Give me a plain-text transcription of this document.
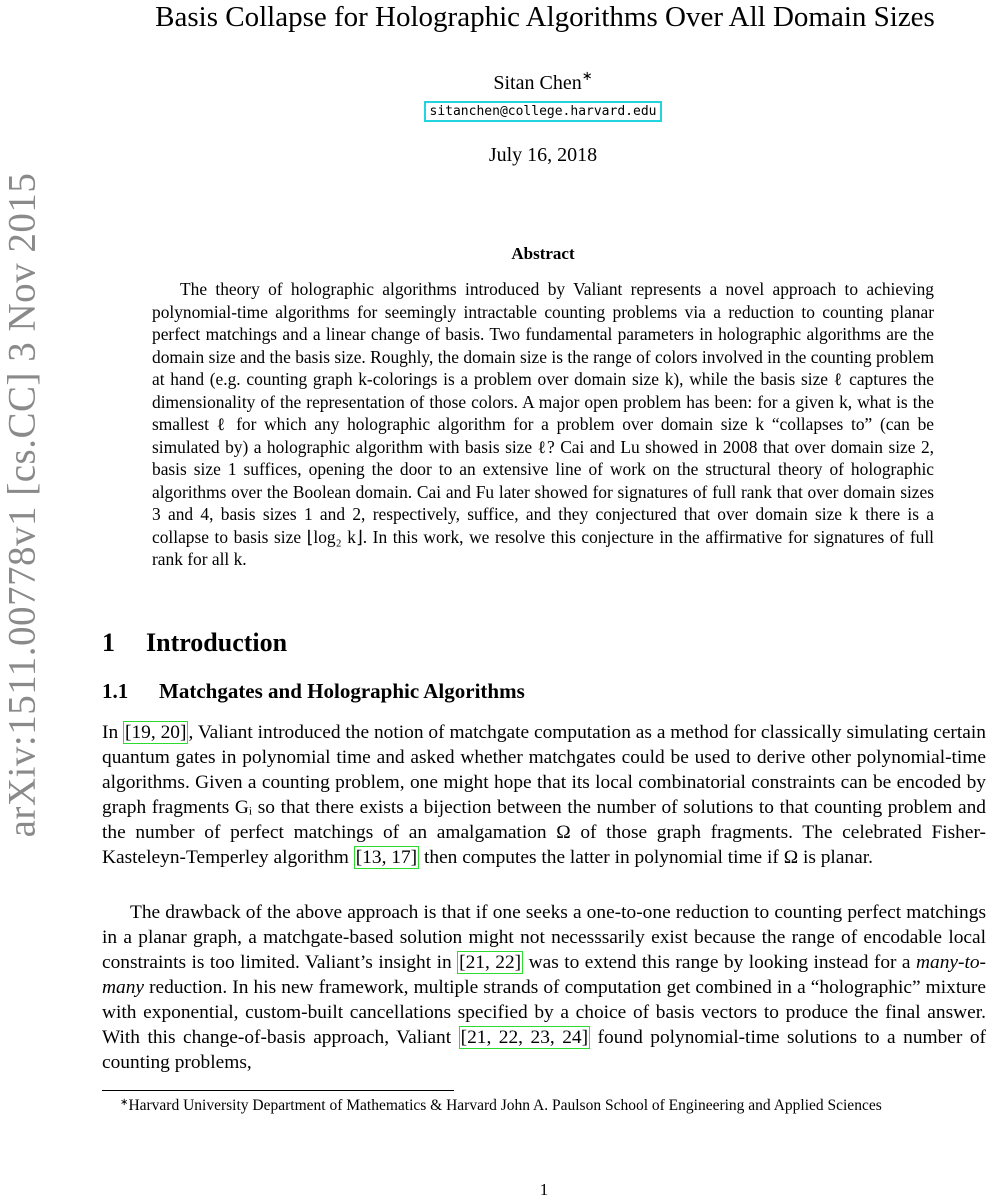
arXiv:1511.00778v1 [cs.CC] 3 Nov 2015
Basis Collapse for Holographic Algorithms Over All Domain Sizes
Sitan Chen∗
sitanchen@college.harvard.edu
July 16, 2018
Abstract

The theory of holographic algorithms introduced by Valiant represents a novel approach to achieving polynomial-time algorithms for seemingly intractable counting problems via a reduction to counting planar perfect matchings and a linear change of basis. Two fundamental parameters in holographic algorithms are the domain size and the basis size. Roughly, the domain size is the range of colors involved in the counting problem at hand (e.g. counting graph k-colorings is a problem over domain size k), while the basis size ℓ captures the dimensionality of the representation of those colors. A major open problem has been: for a given k, what is the smallest ℓ for which any holographic algorithm for a problem over domain size k “collapses to” (can be simulated by) a holographic algorithm with basis size ℓ? Cai and Lu showed in 2008 that over domain size 2, basis size 1 suffices, opening the door to an extensive line of work on the structural theory of holographic algorithms over the Boolean domain. Cai and Fu later showed for signatures of full rank that over domain sizes 3 and 4, basis sizes 1 and 2, respectively, suffice, and they conjectured that over domain size k there is a collapse to basis size ⌊log₂ k⌋. In this work, we resolve this conjecture in the affirmative for signatures of full rank for all k.

1 Introduction
1.1 Matchgates and Holographic Algorithms

In [19, 20] , Valiant introduced the notion of matchgate computation as a method for classically simulating certain quantum gates in polynomial time and asked whether matchgates could be used to derive other polynomial-time algorithms. Given a counting problem, one might hope that its local combinatorial constraints can be encoded by graph fragments Gᵢ so that there exists a bijection between the number of solutions to that counting problem and the number of perfect matchings of an amalgamation Ω of those graph fragments. The celebrated Fisher-Kasteleyn-Temperley algorithm [13, 17] then computes the latter in polynomial time if Ω is planar.

The drawback of the above approach is that if one seeks a one-to-one reduction to counting perfect matchings in a planar graph, a matchgate-based solution might not necesssarily exist because the range of encodable local constraints is too limited. Valiant’s insight in [21, 22] was to extend this range by looking instead for a many-to-many reduction. In his new framework, multiple strands of computation get combined in a “holographic” mixture with exponential, custom-built cancellations specified by a choice of basis vectors to produce the final answer. With this change-of-basis approach, Valiant [21, 22, 23, 24] found polynomial-time solutions to a number of counting problems,

∗Harvard University Department of Mathematics & Harvard John A. Paulson School of Engineering and Applied Sciences

1
